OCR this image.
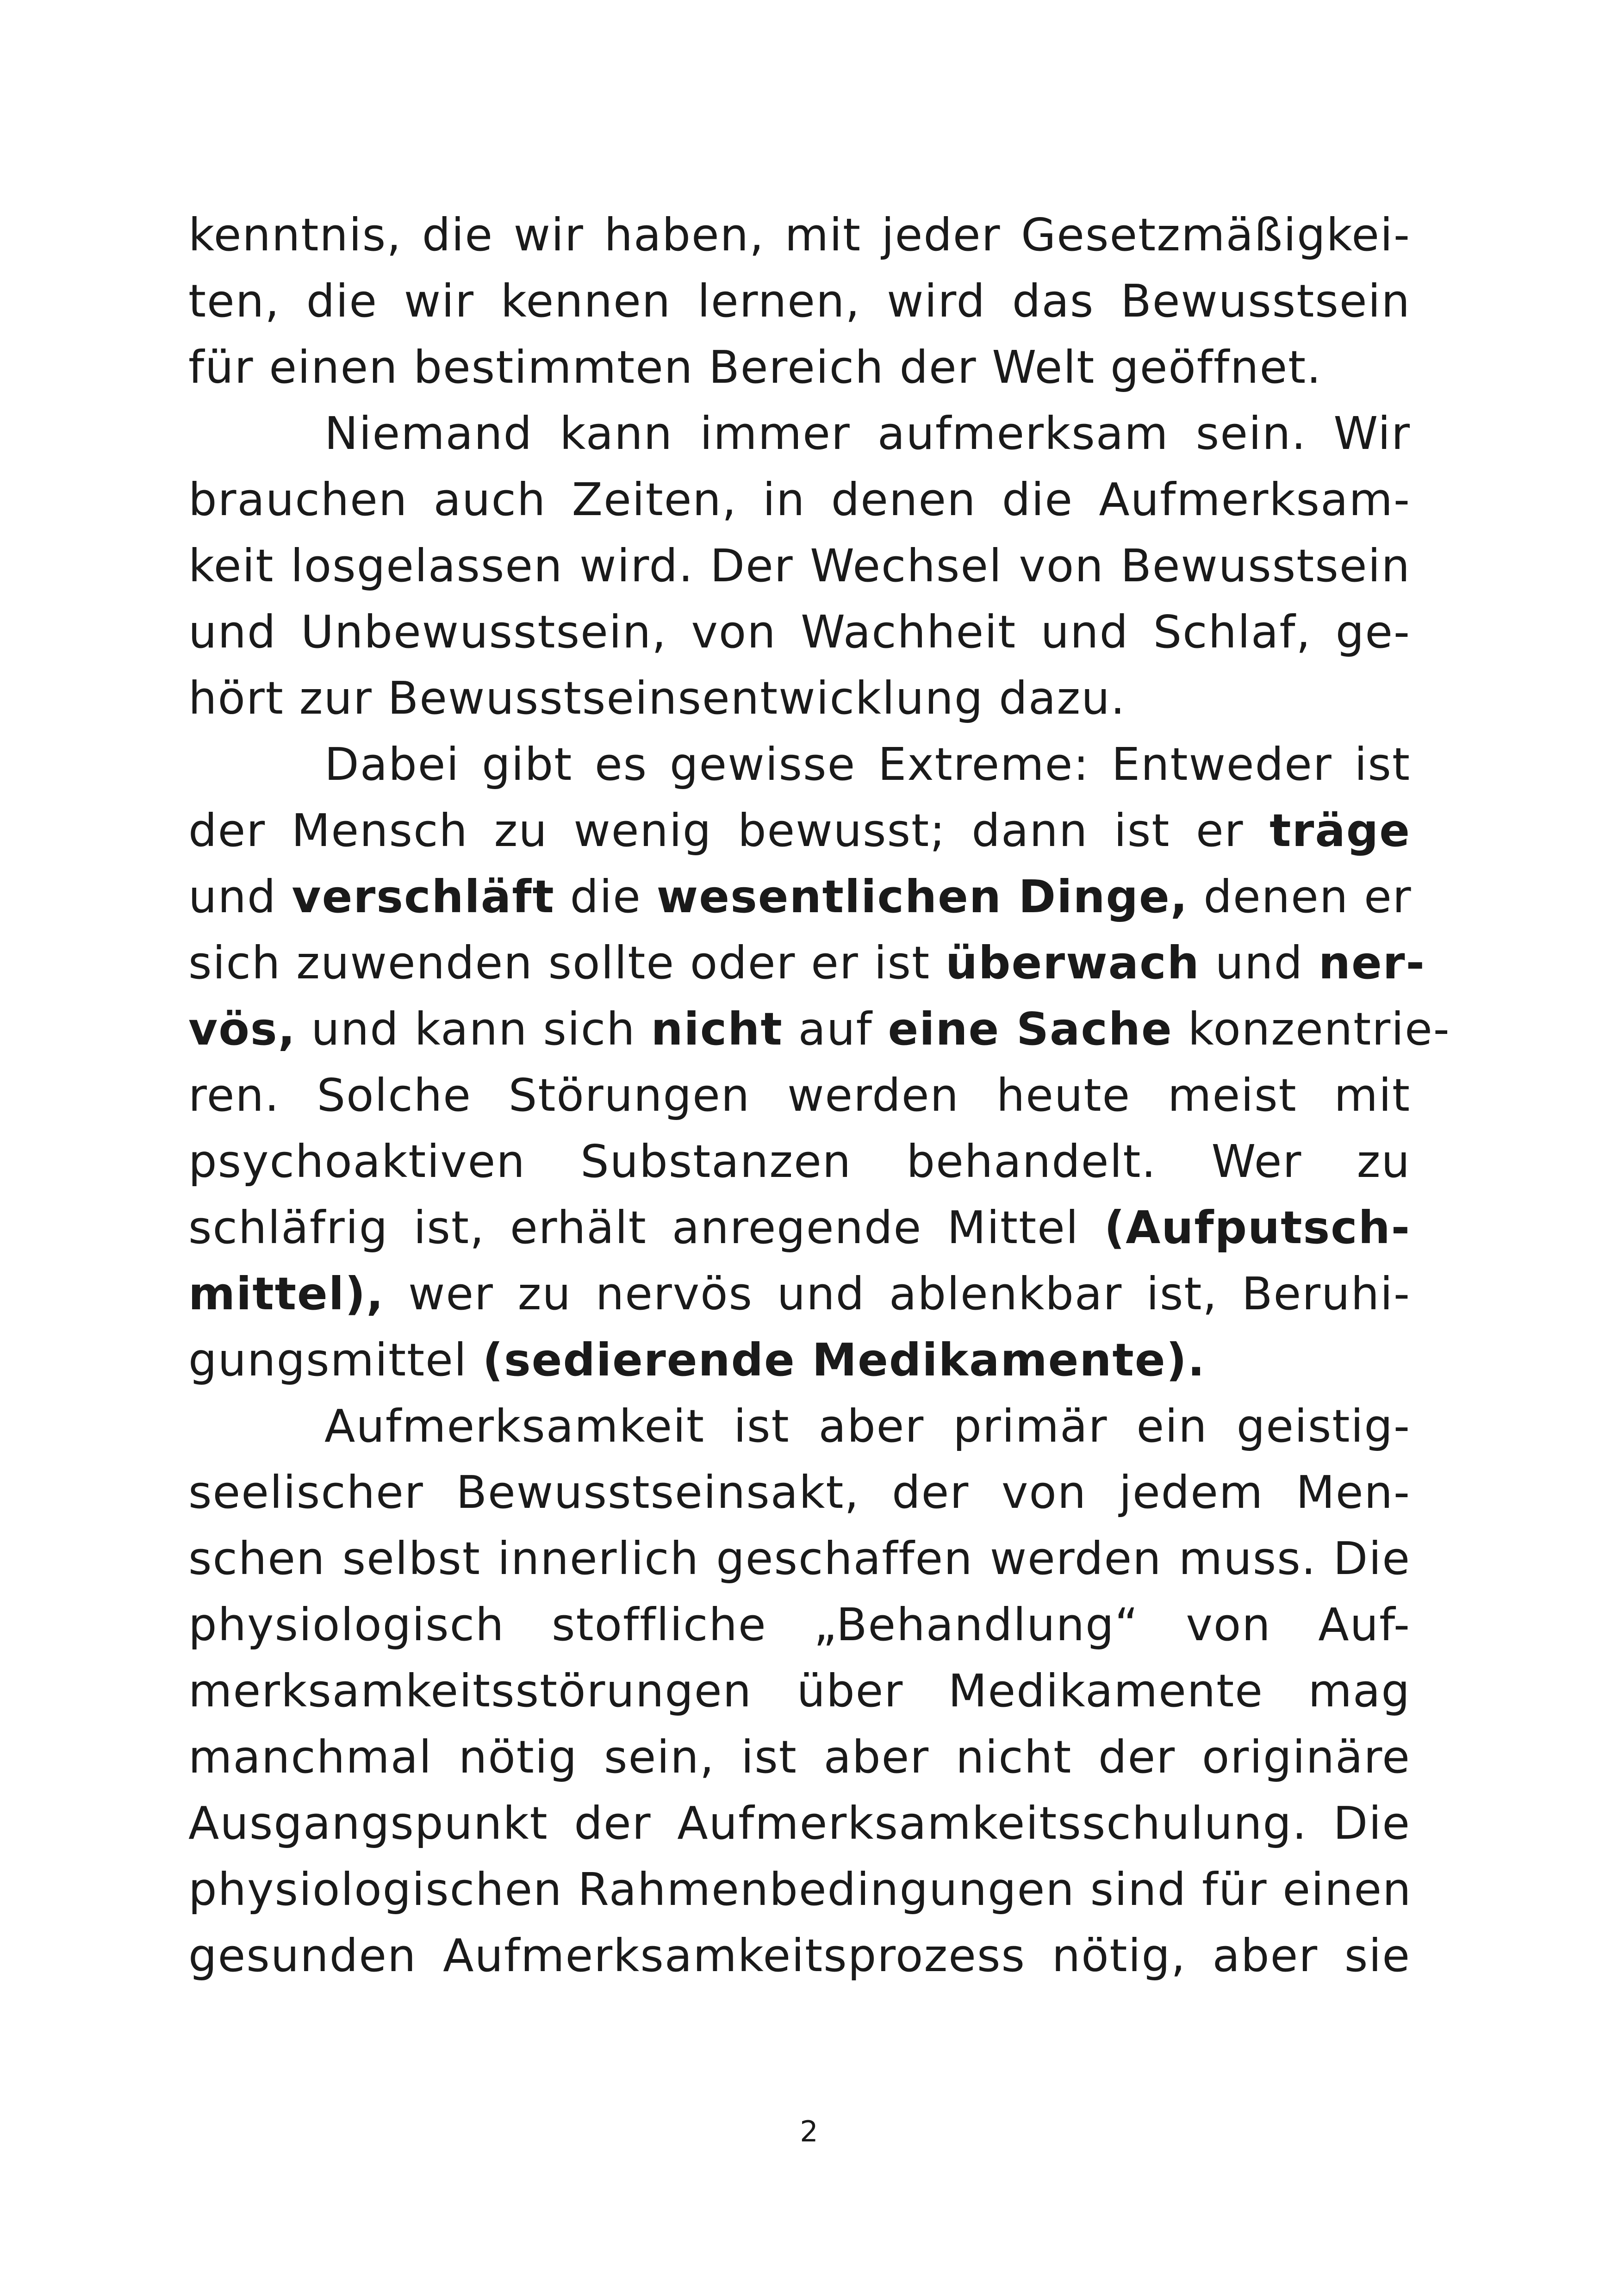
kenntnis, die wir haben, mit jeder Gesetzmäßigkei-
ten, die wir kennen lernen, wird das Bewusstsein
für einen bestimmten Bereich der Welt geöffnet.
Niemand kann immer aufmerksam sein. Wir
brauchen auch Zeiten, in denen die Aufmerksam-
keit losgelassen wird. Der Wechsel von Bewusstsein
und Unbewusstsein, von Wachheit und Schlaf, ge-
hört zur Bewusstseinsentwicklung dazu.
Dabei gibt es gewisse Extreme: Entweder ist
der Mensch zu wenig bewusst; dann ist er träge
und verschläft die wesentlichen Dinge, denen er
sich zuwenden sollte oder er ist überwach und ner-
vös, und kann sich nicht auf eine Sache konzentrie-
ren. Solche Störungen werden heute meist mit
psychoaktiven Substanzen behandelt. Wer zu
schläfrig ist, erhält anregende Mittel (Aufputsch-
mittel), wer zu nervös und ablenkbar ist, Beruhi-
gungsmittel (sedierende Medikamente).
Aufmerksamkeit ist aber primär ein geistig-
seelischer Bewusstseinsakt, der von jedem Men-
schen selbst innerlich geschaffen werden muss. Die
physiologisch stoffliche „Behandlung“ von Auf-
merksamkeitsstörungen über Medikamente mag
manchmal nötig sein, ist aber nicht der originäre
Ausgangspunkt der Aufmerksamkeitsschulung. Die
physiologischen Rahmenbedingungen sind für einen
gesunden Aufmerksamkeitsprozess nötig, aber sie
2
